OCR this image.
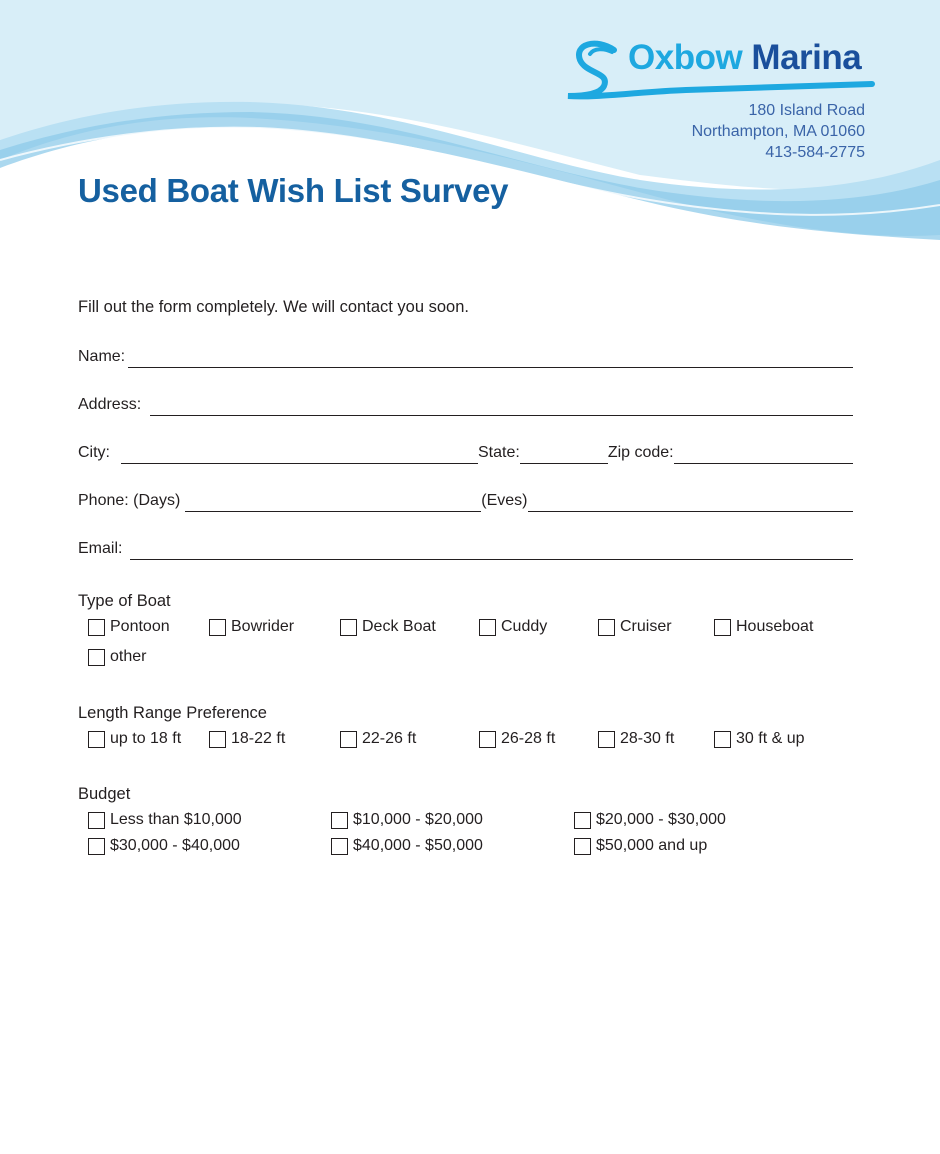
Oxbow Marina
180 Island Road
Northampton, MA 01060
413-584-2775
Used Boat Wish List Survey
Fill out the form completely. We will contact you soon.
Name:
Address:
City:	State:	Zip code:
Phone: (Days)	(Eves)
Email:
Type of Boat
Pontoon	Bowrider	Deck Boat	Cuddy	Cruiser	Houseboat
other
Length Range Preference
up to 18 ft	18-22 ft	22-26 ft	26-28 ft	28-30 ft	30 ft & up
Budget
Less than $10,000	$10,000 - $20,000	$20,000 - $30,000
$30,000 - $40,000	$40,000 - $50,000	$50,000 and up
